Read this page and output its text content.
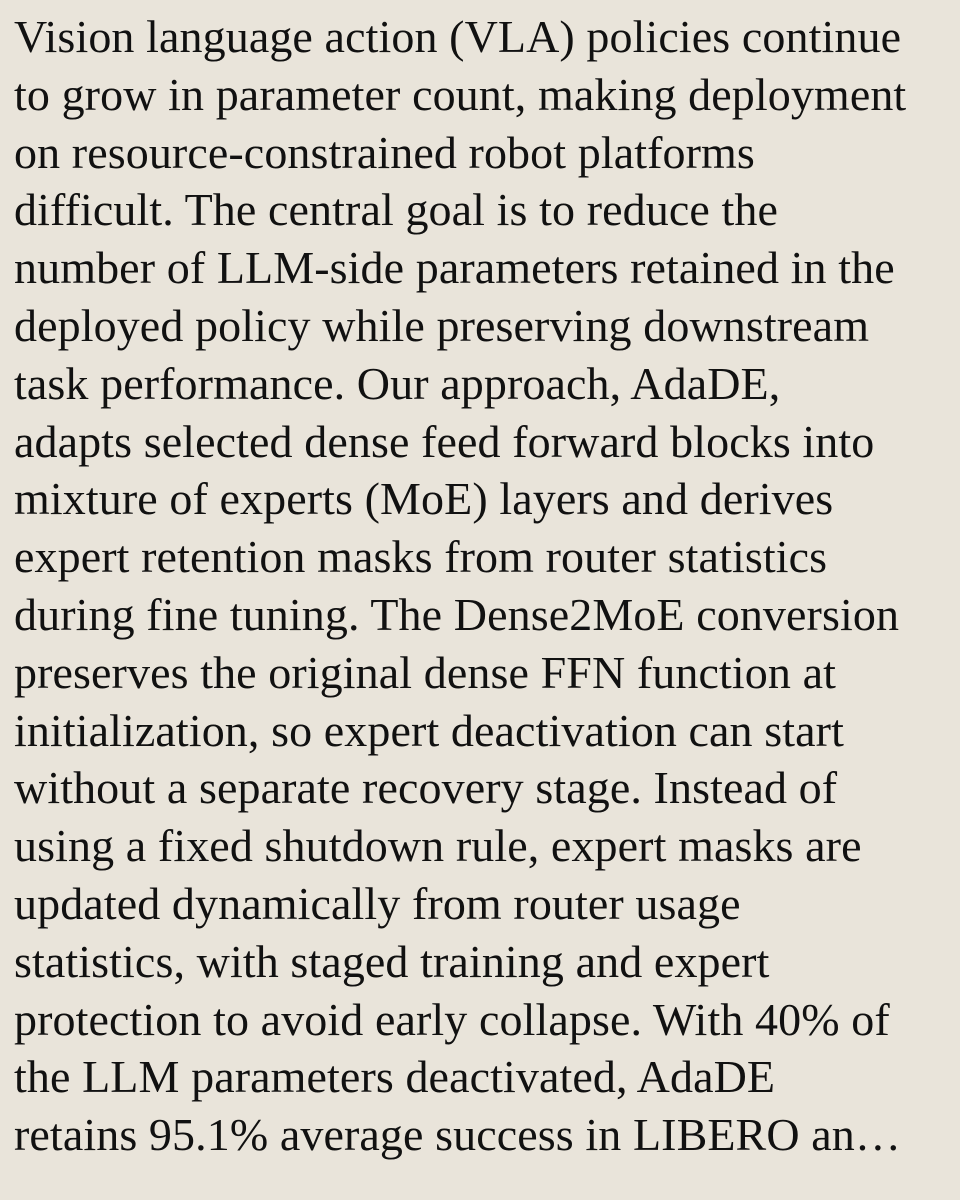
Vision language action (VLA) policies continue
to grow in parameter count, making deployment
on resource-constrained robot platforms
difficult. The central goal is to reduce the
number of LLM-side parameters retained in the
deployed policy while preserving downstream
task performance. Our approach, AdaDE,
adapts selected dense feed forward blocks into
mixture of experts (MoE) layers and derives
expert retention masks from router statistics
during fine tuning. The Dense2MoE conversion
preserves the original dense FFN function at
initialization, so expert deactivation can start
without a separate recovery stage. Instead of
using a fixed shutdown rule, expert masks are
updated dynamically from router usage
statistics, with staged training and expert
protection to avoid early collapse. With 40% of
the LLM parameters deactivated, AdaDE
retains 95.1% average success in LIBERO an…
